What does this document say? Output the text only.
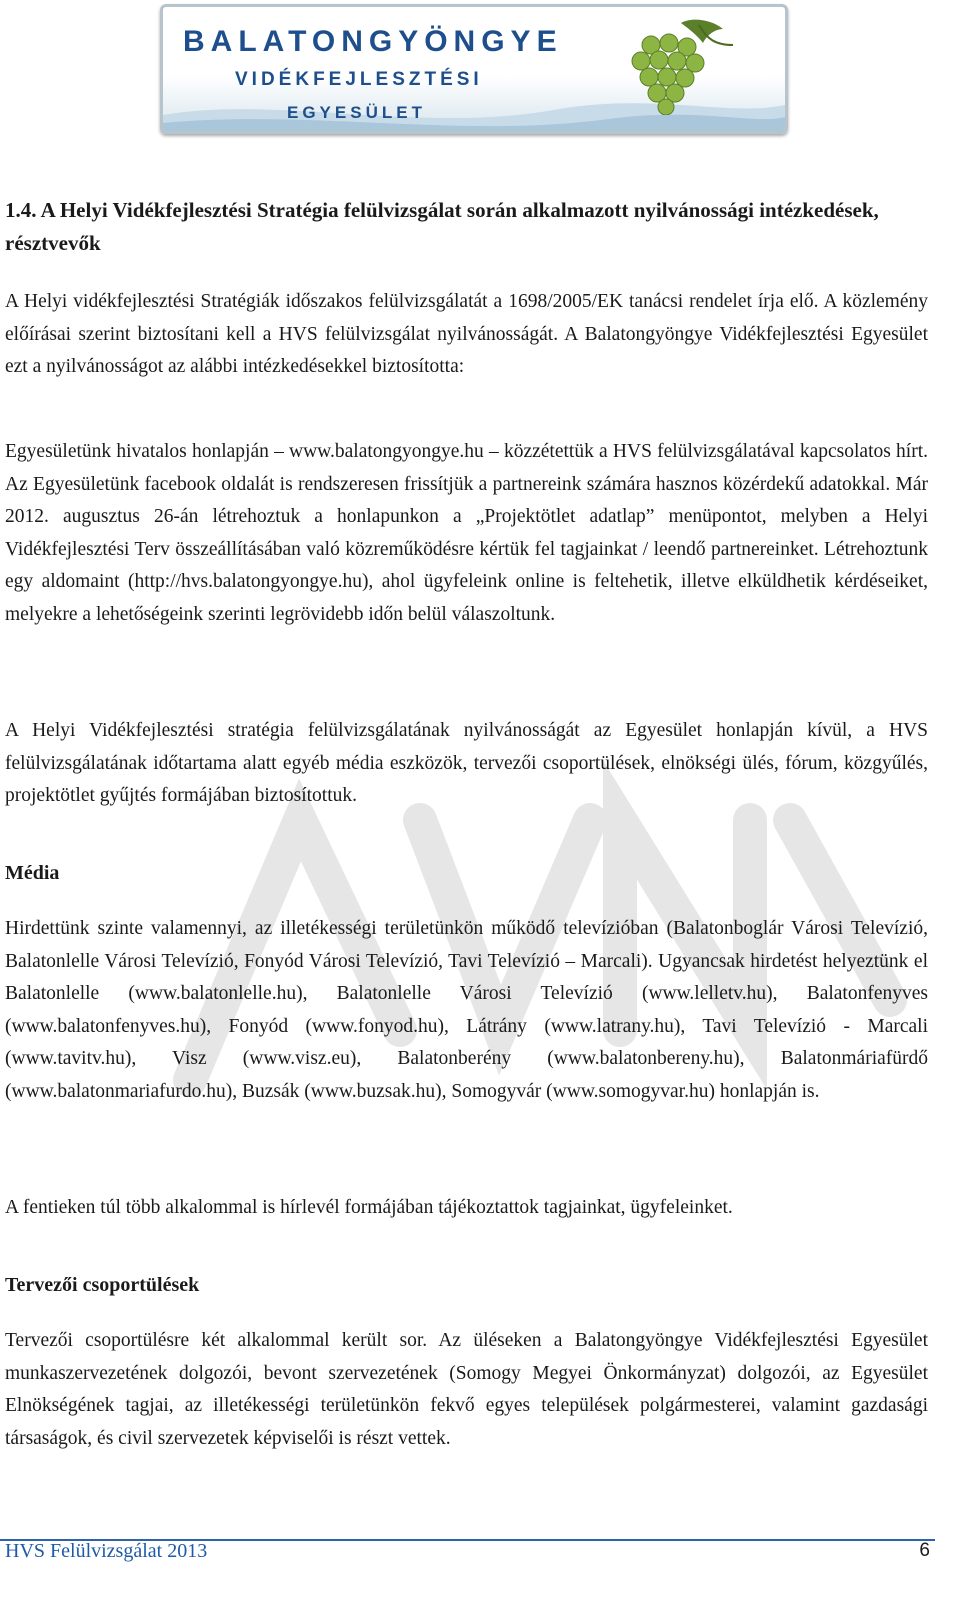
BALATONGYÖNGYE
VIDÉKFEJLESZTÉSI
EGYESÜLET
1.4. A Helyi Vidékfejlesztési Stratégia felülvizsgálat során alkalmazott nyilvánossági intézkedések, résztvevők

A Helyi vidékfejlesztési Stratégiák időszakos felülvizsgálatát a 1698/2005/EK tanácsi rendelet írja elő. A közlemény előírásai szerint biztosítani kell a HVS felülvizsgálat nyilvánosságát. A Balatongyöngye Vidékfejlesztési Egyesület ezt a nyilvánosságot az alábbi intézkedésekkel biztosította:

Egyesületünk hivatalos honlapján – www.balatongyongye.hu – közzétettük a HVS felülvizsgálatával kapcsolatos hírt. Az Egyesületünk facebook oldalát is rendszeresen frissítjük a partnereink számára hasznos közérdekű adatokkal. Már 2012. augusztus 26-án létrehoztuk a honlapunkon a „Projektötlet adatlap” menüpontot, melyben a Helyi Vidékfejlesztési Terv összeállításában való közreműködésre kértük fel tagjainkat / leendő partnereinket. Létrehoztunk egy aldomaint (http://hvs.balatongyongye.hu), ahol ügyfeleink online is feltehetik, illetve elküldhetik kérdéseiket, melyekre a lehetőségeink szerinti legrövidebb időn belül válaszoltunk.

A Helyi Vidékfejlesztési stratégia felülvizsgálatának nyilvánosságát az Egyesület honlapján kívül, a HVS felülvizsgálatának időtartama alatt egyéb média eszközök, tervezői csoportülések, elnökségi ülés, fórum, közgyűlés, projektötlet gyűjtés formájában biztosítottuk.

Média

Hirdettünk szinte valamennyi, az illetékességi területünkön működő televízióban (Balatonboglár Városi Televízió, Balatonlelle Városi Televízió, Fonyód Városi Televízió, Tavi Televízió – Marcali). Ugyancsak hirdetést helyeztünk el Balatonlelle (www.balatonlelle.hu), Balatonlelle Városi Televízió (www.lelletv.hu), Balatonfenyves (www.balatonfenyves.hu), Fonyód (www.fonyod.hu), Látrány (www.latrany.hu), Tavi Televízió - Marcali (www.tavitv.hu), Visz (www.visz.eu), Balatonberény (www.balatonbereny.hu), Balatonmáriafürdő (www.balatonmariafurdo.hu), Buzsák (www.buzsak.hu), Somogyvár (www.somogyvar.hu) honlapján is.

A fentieken túl több alkalommal is hírlevél formájában tájékoztattok tagjainkat, ügyfeleinket.

Tervezői csoportülések

Tervezői csoportülésre két alkalommal került sor. Az üléseken a Balatongyöngye Vidékfejlesztési Egyesület munkaszervezetének dolgozói, bevont szervezetének (Somogy Megyei Önkormányzat) dolgozói, az Egyesület Elnökségének tagjai, az illetékességi területünkön fekvő egyes települések polgármesterei, valamint gazdasági társaságok, és civil szervezetek képviselői is részt vettek.

HVS Felülvizsgálat 2013	6
